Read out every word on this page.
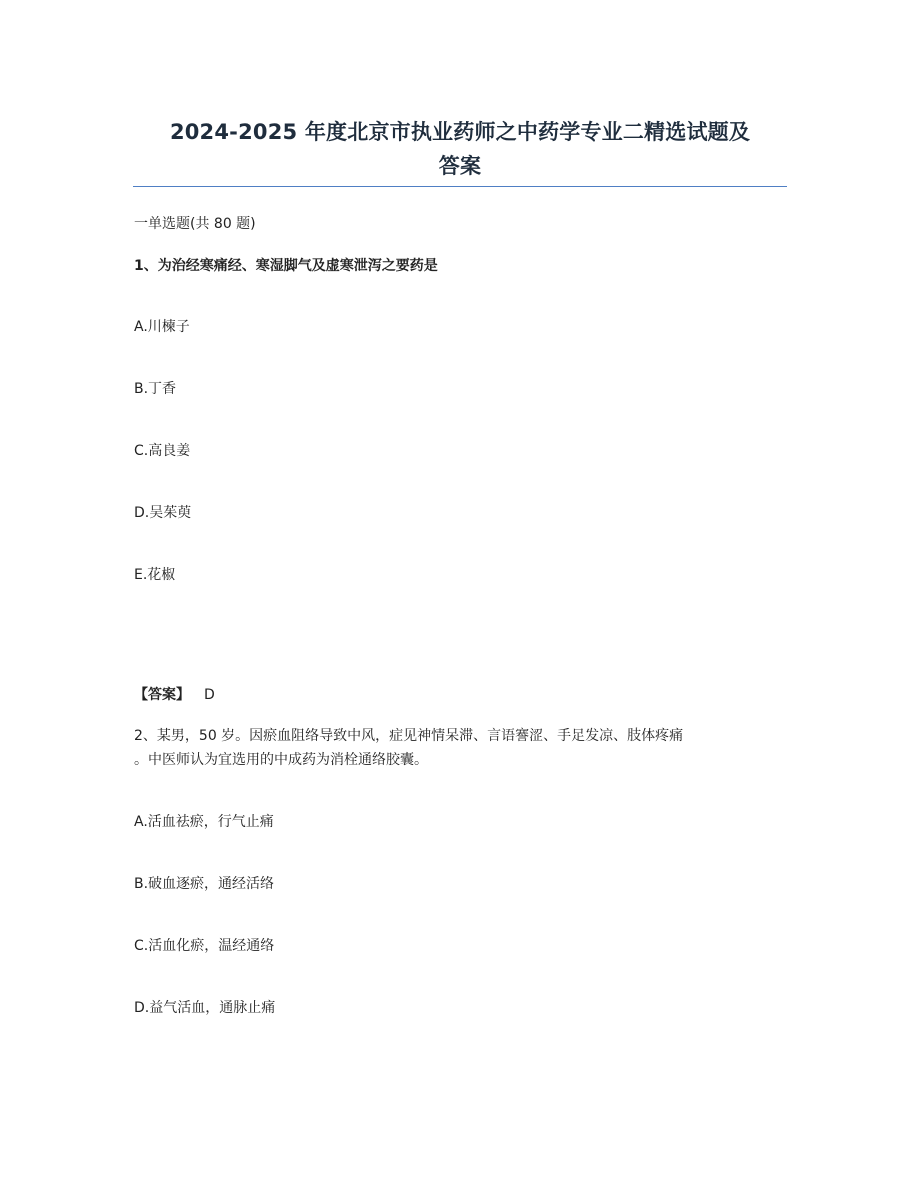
2024-2025 年度北京市执业药师之中药学专业二精选试题及
答案
一单选题(共 80 题)
1、为治经寒痛经、寒湿脚气及虚寒泄泻之要药是
A.川楝子
B.丁香
C.高良姜
D.吴茱萸
E.花椒
【答案】 D
2、某男，50 岁。因瘀血阻络导致中风，症见神情呆滞、言语謇涩、手足发凉、肢体疼痛
。中医师认为宜选用的中成药为消栓通络胶囊。
A.活血祛瘀，行气止痛
B.破血逐瘀，通经活络
C.活血化瘀，温经通络
D.益气活血，通脉止痛
